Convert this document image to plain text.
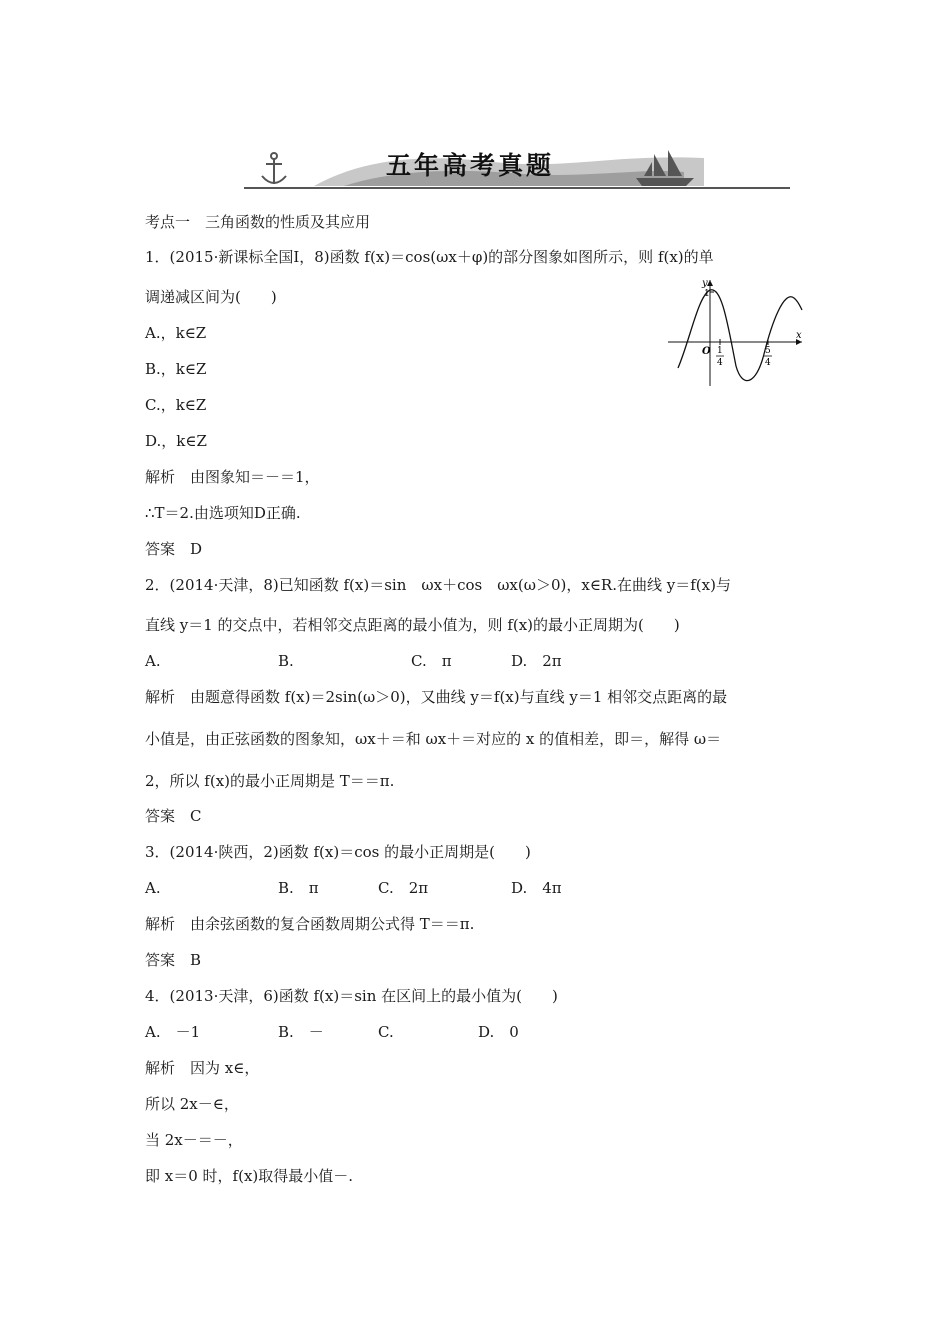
五年高考真题
考点一　三角函数的性质及其应用
1．(2015·新课标全国Ⅰ，8)函数 f(x)＝cos(ωx＋φ)的部分图象如图所示，则 f(x)的单
调递减区间为(　　)
A.，k∈Z
B.，k∈Z
C.，k∈Z
D.，k∈Z
解析　由图象知＝－＝1，
∴T＝2.由选项知D正确.
答案　D
2．(2014·天津，8)已知函数 f(x)＝sin　ωx＋cos　ωx(ω＞0)，x∈R.在曲线 y＝f(x)与
直线 y＝1 的交点中，若相邻交点距离的最小值为，则 f(x)的最小正周期为(　　)
A.	B.	C.　π	D.　2π
解析　由题意得函数 f(x)＝2sin(ω＞0)，又曲线 y＝f(x)与直线 y＝1 相邻交点距离的最
小值是，由正弦函数的图象知，ωx＋＝和 ωx＋＝对应的 x 的值相差，即＝，解得 ω＝
2，所以 f(x)的最小正周期是 T＝＝π.
答案　C
3．(2014·陕西，2)函数 f(x)＝cos 的最小正周期是(　　)
A.	B.　π	C.　2π	D.　4π
解析　由余弦函数的复合函数周期公式得 T＝＝π.
答案　B
4．(2013·天津，6)函数 f(x)＝sin 在区间上的最小值为(　　)
A.　－1	B.　－	C.	D.　0
解析　因为 x∈，
所以 2x－∈，
当 2x－＝－，
即 x＝0 时，f(x)取得最小值－.
y
x
O
1
1
4
5
4
